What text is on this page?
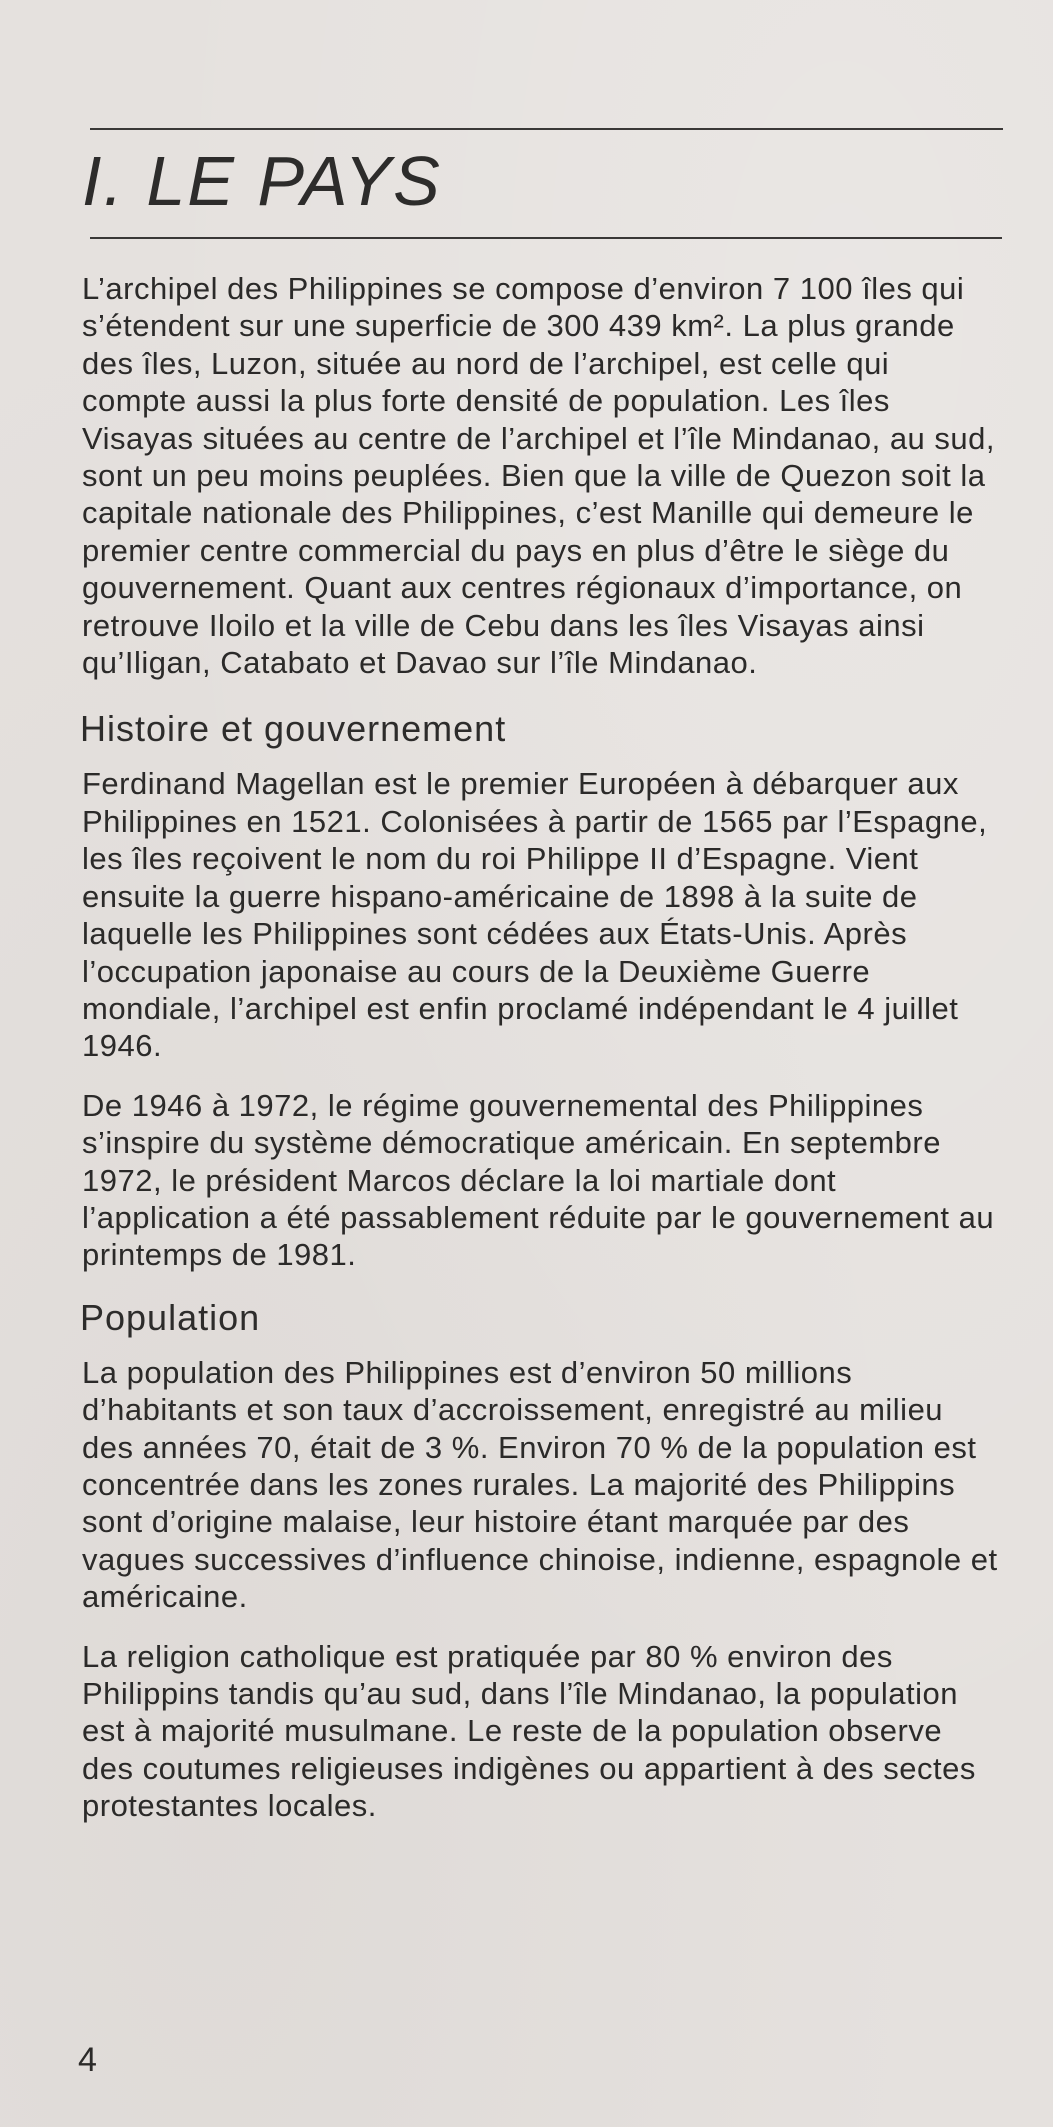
I. LE PAYS

L’archipel des Philippines se compose d’environ 7 100 îles qui s’étendent sur une superficie de 300 439 km². La plus grande des îles, Luzon, située au nord de l’archipel, est celle qui compte aussi la plus forte densité de population. Les îles Visayas situées au centre de l’archipel et l’île Mindanao, au sud, sont un peu moins peuplées. Bien que la ville de Quezon soit la capitale nationale des Philippines, c’est Manille qui demeure le premier centre commercial du pays en plus d’être le siège du gouvernement. Quant aux centres régionaux d’importance, on retrouve Iloilo et la ville de Cebu dans les îles Visayas ainsi qu’Iligan, Catabato et Davao sur l’île Mindanao.

Histoire et gouvernement

Ferdinand Magellan est le premier Européen à débarquer aux Philippines en 1521. Colonisées à partir de 1565 par l’Espagne, les îles reçoivent le nom du roi Philippe II d’Espagne. Vient ensuite la guerre hispano-américaine de 1898 à la suite de laquelle les Philippines sont cédées aux États-Unis. Après l’occupation japonaise au cours de la Deuxième Guerre mondiale, l’archipel est enfin proclamé indépendant le 4 juillet 1946.

De 1946 à 1972, le régime gouvernemental des Philippines s’inspire du système démocratique américain. En septembre 1972, le président Marcos déclare la loi martiale dont l’application a été passablement réduite par le gouvernement au printemps de 1981.

Population

La population des Philippines est d’environ 50 millions d’habitants et son taux d’accroissement, enregistré au milieu des années 70, était de 3 %. Environ 70 % de la population est concentrée dans les zones rurales. La majorité des Philippins sont d’origine malaise, leur histoire étant marquée par des vagues successives d’influence chinoise, indienne, espagnole et américaine.

La religion catholique est pratiquée par 80 % environ des Philippins tandis qu’au sud, dans l’île Mindanao, la population est à majorité musulmane. Le reste de la population observe des coutumes religieuses indigènes ou appartient à des sectes protestantes locales.

4
